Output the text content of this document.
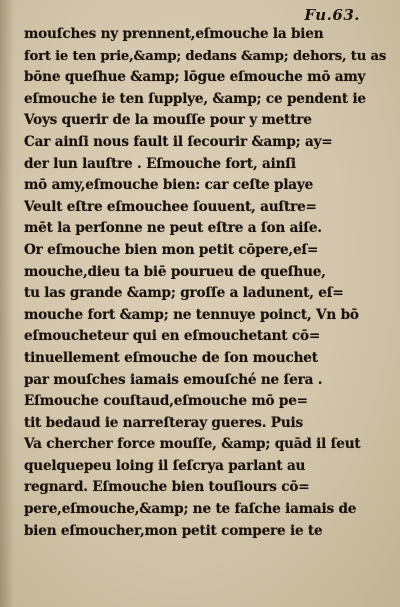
Fu.63.
mouſches ny prennent,eſmouche la bien
fort ie ten prie,&amp; dedans &amp; dehors, tu as
bōne queſhue &amp; lōgue eſmouche mō amy
eſmouche ie ten ſupplye, &amp; ce pendent ie
Voys querir de la mouſſe pour y mettre
Car ainſi nous fault il ſecourir &amp; ay=
der lun lauſtre . Eſmouche fort, ainſi
mō amy,eſmouche bien: car ceſte playe
Veult eſtre eſmouchee ſouuent, auſtre=
mēt la perſonne ne peut eſtre a ſon aiſe.
Or eſmouche bien mon petit cōpere,eſ=
mouche,dieu ta biē pourueu de queſhue,
tu las grande &amp; groſſe a ladunent, eſ=
mouche fort &amp; ne tennuye poinct, Vn bō
eſmoucheteur qui en eſmouchetant cō=
tinuellement eſmouche de ſon mouchet
par mouſches iamais emouſché ne ſera .
Eſmouche couſtaud,eſmouche mō pe=
tit bedaud ie narreſteray gueres. Puis
Va chercher force mouſſe, &amp; quād il ſeut
quelquepeu loing il ſeſcrya parlant au
regnard. Eſmouche bien touſiours cō=
pere,eſmouche,&amp; ne te faſche iamais de
bien eſmoucher,mon petit compere ie te
